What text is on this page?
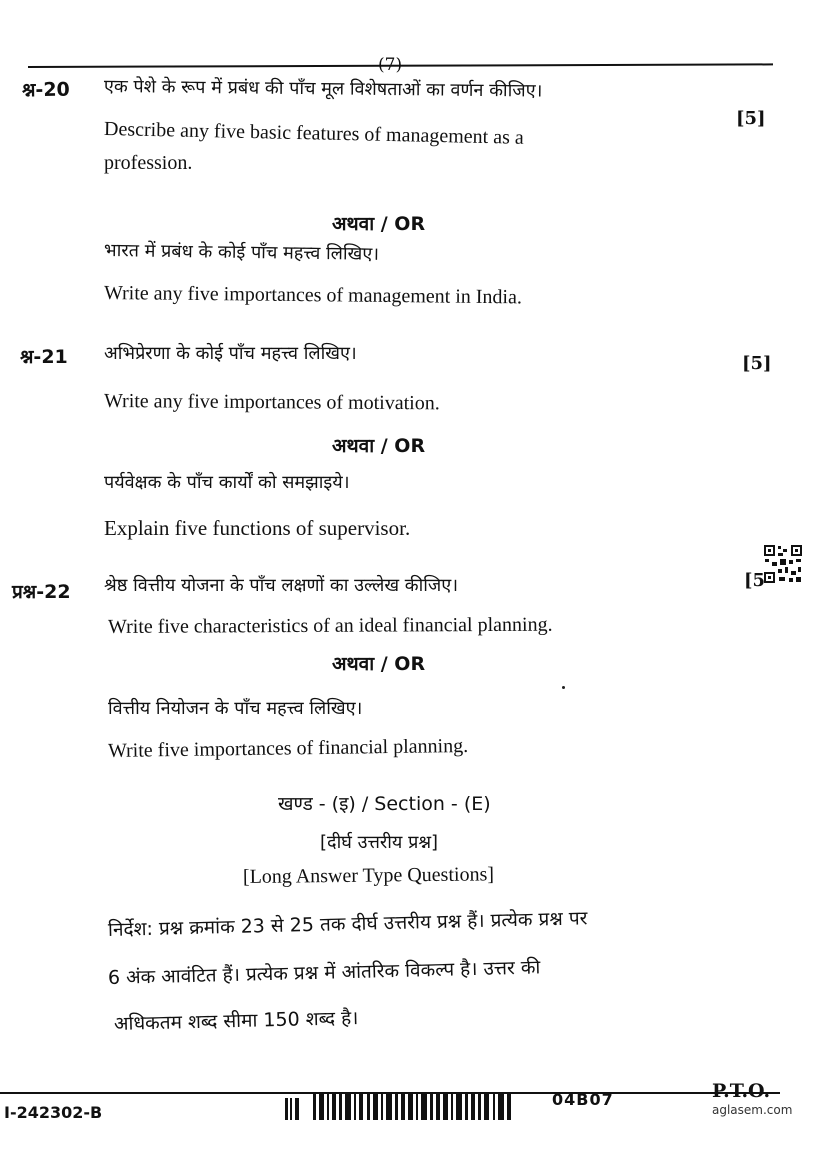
(7)
श्न-20 एक पेशे के रूप में प्रबंध की पाँच मूल विशेषताओं का वर्णन कीजिए।
[5]
Describe any five basic features of management as a
profession.
अथवा / OR
भारत में प्रबंध के कोई पाँच महत्त्व लिखिए।
Write any five importances of management in India.
श्न-21 अभिप्रेरणा के कोई पाँच महत्त्व लिखिए।	[5]
Write any five importances of motivation.
अथवा / OR
पर्यवेक्षक के पाँच कार्यों को समझाइये।
Explain five functions of supervisor.
प्रश्न-22 श्रेष्ठ वित्तीय योजना के पाँच लक्षणों का उल्लेख कीजिए।	[5
Write five characteristics of an ideal financial planning.
अथवा / OR
वित्तीय नियोजन के पाँच महत्त्व लिखिए।
Write five importances of financial planning.
खण्ड - (इ) / Section - (E)
[दीर्घ उत्तरीय प्रश्न]
[Long Answer Type Questions]
निर्देश: प्रश्न क्रमांक 23 से 25 तक दीर्घ उत्तरीय प्रश्न हैं। प्रत्येक प्रश्न पर
6 अंक आवंटित हैं। प्रत्येक प्रश्न में आंतरिक विकल्प है। उत्तर की
अधिकतम शब्द सीमा 150 शब्द है।
I-242302-B
04B07	P.T.O.
aglasem.com
